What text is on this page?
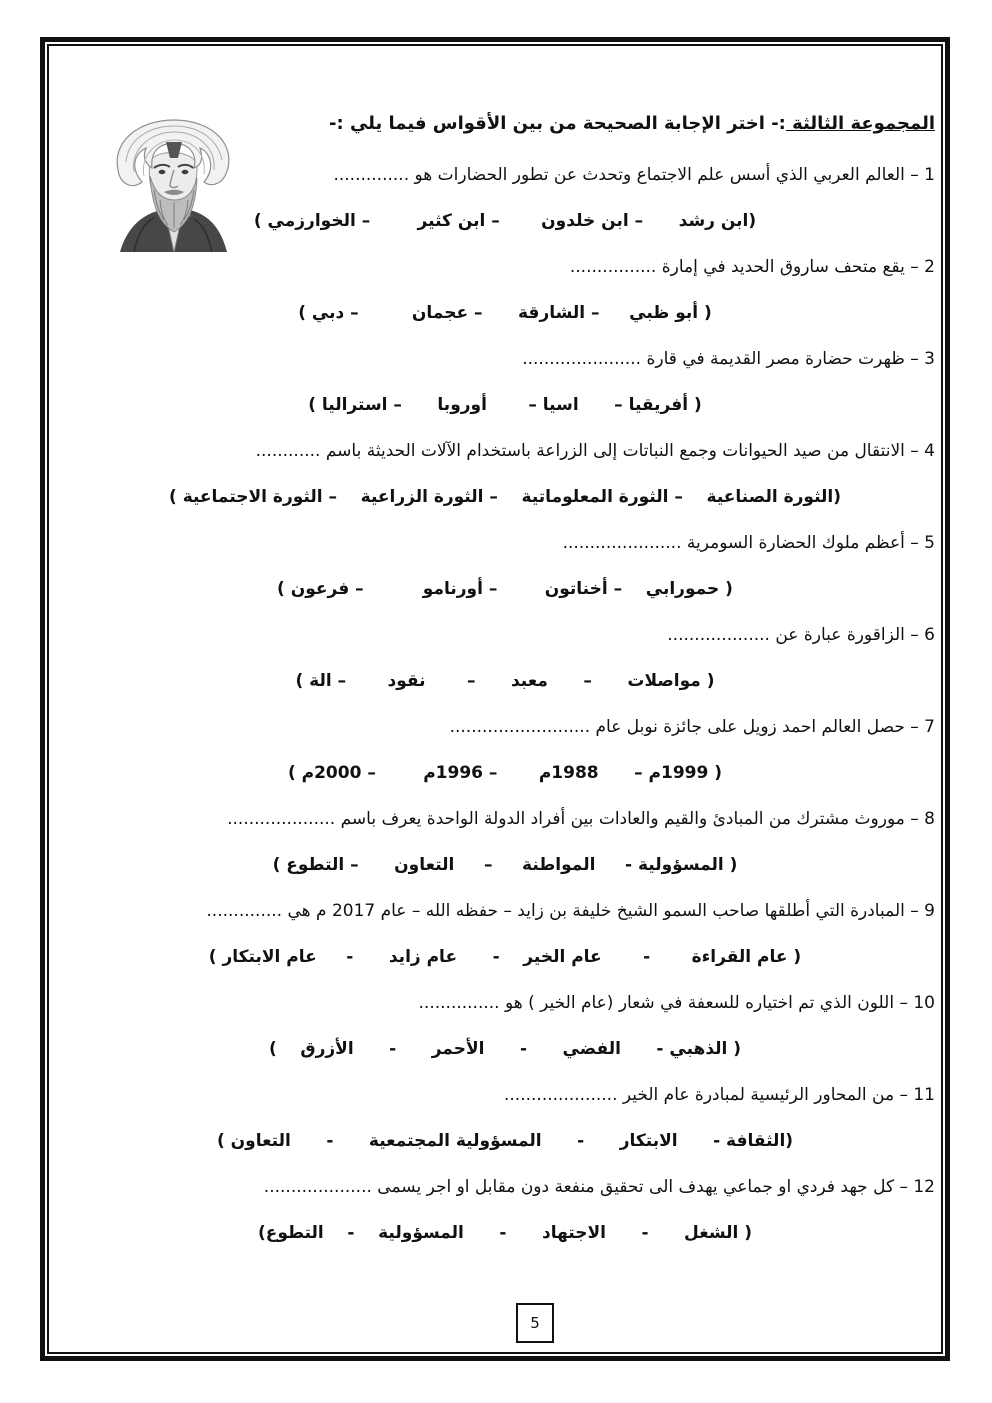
المجموعة الثالثة :- اختر الإجابة الصحيحة من بين الأقواس فيما يلي :-
1 – العالم العربي الذي أسس علم الاجتماع وتحدث عن تطور الحضارات هو ..............
(ابن رشد      – ابن خلدون       – ابن كثير        – الخوارزمي )
2 – يقع متحف ساروق الحديد في إمارة ................
( أبو ظبي     – الشارقة      – عجمان         – دبي )
3 – ظهرت حضارة مصر القديمة في قارة ......................
( أفريقيا –      اسيا –       أوروبا      – استراليا )
4 – الانتقال من صيد الحيوانات وجمع النباتات إلى الزراعة باستخدام الآلات الحديثة باسم ............
(الثورة الصناعية    – الثورة المعلوماتية    – الثورة الزراعية    – الثورة الاجتماعية )
5 – أعظم ملوك الحضارة السومرية ......................
( حمورابي    – أخناتون        – أورنامو          – فرعون )
6 – الزاقورة عبارة عن ...................
( مواصلات      –      معبد      –       نقود       – الة )
7 – حصل العالم احمد زويل على جائزة نوبل عام ..........................
( 1999م –      1988م       – 1996م        – 2000م )
8 – موروث مشترك من المبادئ والقيم والعادات بين أفراد الدولة الواحدة يعرف باسم ....................
( المسؤولية -     المواطنة     –     التعاون      – التطوع )
9 – المبادرة التي أطلقها صاحب السمو الشيخ خليفة بن زايد – حفظه الله – عام 2017 م هي ..............
( عام القراءة       -       عام الخير    -      عام زايد      -     عام الابتكار )
10 – اللون الذي تم اختياره للسعفة في شعار (عام الخير ) هو ...............
( الذهبي -      الفضي      -      الأحمر      -      الأزرق    )
11 – من المحاور الرئيسية لمبادرة عام الخير .....................
(الثقافة -      الابتكار      -      المسؤولية المجتمعية      -      التعاون )
12 – كل جهد فردي او جماعي يهدف الى تحقيق منفعة دون مقابل او اجر يسمى ....................
( الشغل      -      الاجتهاد      -      المسؤولية    -    التطوع)
5
